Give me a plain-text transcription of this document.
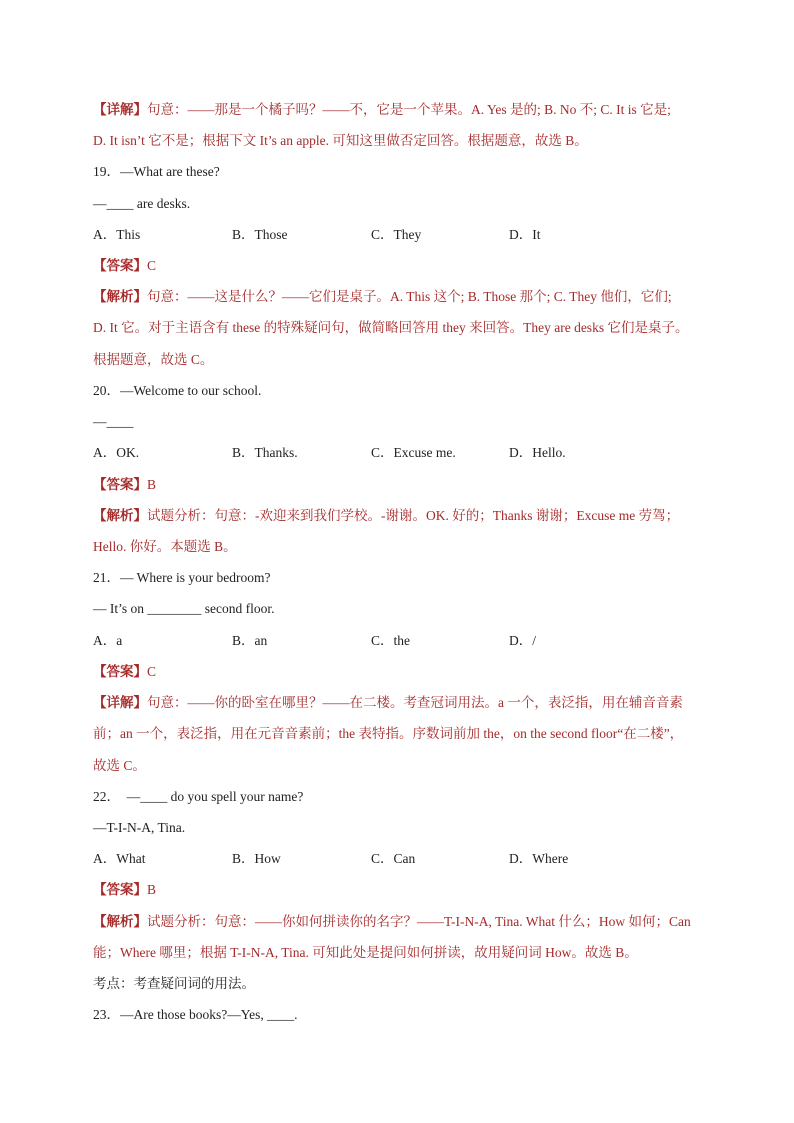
【详解】句意：——那是一个橘子吗？——不，它是一个苹果。A. Yes 是的; B. No 不; C. It is 它是;
D. It isn’t 它不是；根据下文 It’s an apple. 可知这里做否定回答。根据题意，故选 B。
19．—What are these?
—____ are desks.
A．This	B．Those	C．They	D．It
【答案】C
【解析】句意：——这是什么？——它们是桌子。A. This 这个; B. Those 那个; C. They 他们，它们;
D. It 它。对于主语含有 these 的特殊疑问句，做简略回答用 they 来回答。They are desks 它们是桌子。
根据题意，故选 C。
20．—Welcome to our school.
—____
A．OK.	B．Thanks.	C．Excuse me.	D．Hello.
【答案】B
【解析】试题分析：句意：-欢迎来到我们学校。-谢谢。OK. 好的；Thanks 谢谢；Excuse me 劳驾；
Hello. 你好。本题选 B。
21．— Where is your bedroom?
— It’s on ________ second floor.
A．a	B．an	C．the	D．/
【答案】C
【详解】句意：——你的卧室在哪里？——在二楼。考查冠词用法。a 一个，表泛指，用在辅音音素
前；an 一个，表泛指，用在元音音素前；the 表特指。序数词前加 the，on the second floor“在二楼”，
故选 C。
22．　—____ do you spell your name?
—T-I-N-A, Tina.
A．What	B．How	C．Can	D．Where
【答案】B
【解析】试题分析：句意：——你如何拼读你的名字？——T-I-N-A, Tina. What 什么；How 如何；Can
能；Where 哪里；根据 T-I-N-A, Tina. 可知此处是提问如何拼读，故用疑问词 How。故选 B。
考点：考查疑问词的用法。
23．—Are those books?—Yes, ____.
